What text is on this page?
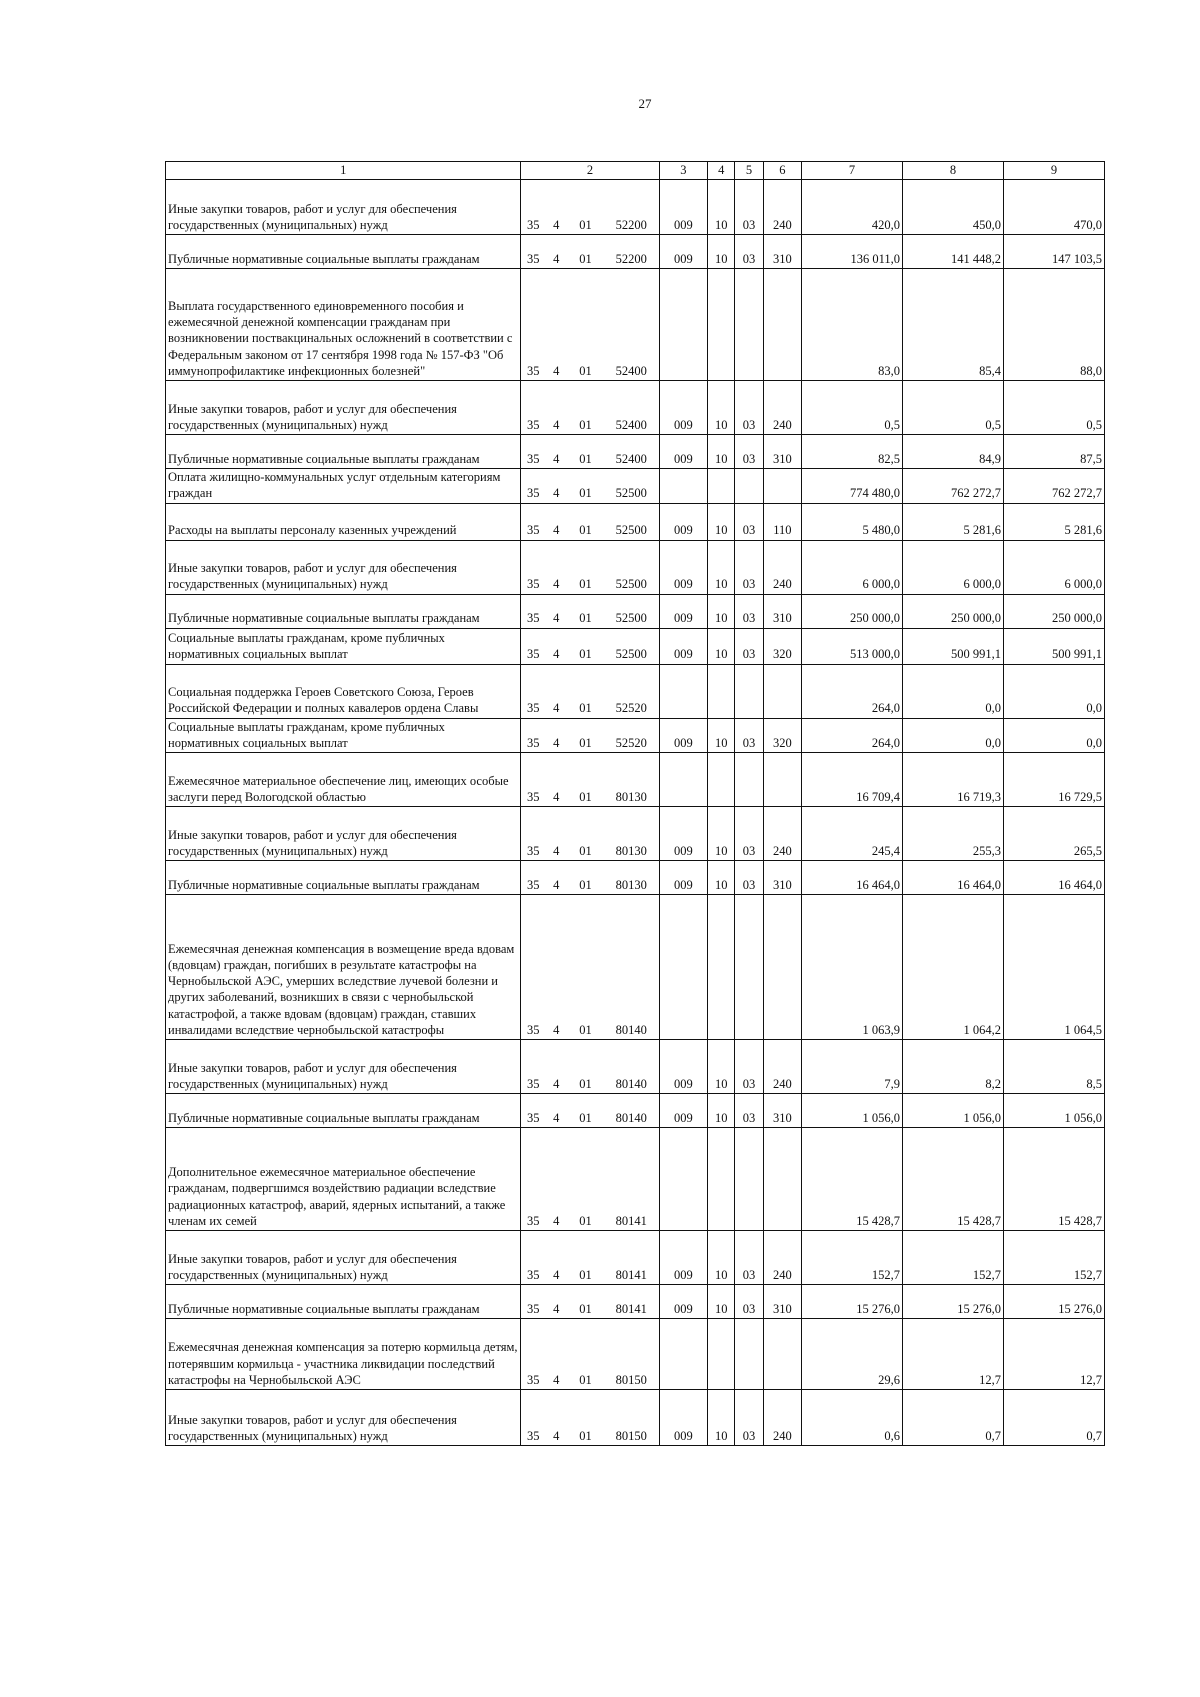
27
1	2				3	4	5	6	7	8	9
Иные закупки товаров, работ и услуг для обеспечения государственных (муниципальных) нужд	35	4	01	52200	009	10	03	240	420,0	450,0	470,0
Публичные нормативные социальные выплаты гражданам	35	4	01	52200	009	10	03	310	136 011,0	141 448,2	147 103,5
Выплата государственного единовременного пособия и ежемесячной денежной компенсации гражданам при возникновении поствакцинальных осложнений в соответствии с Федеральным законом от 17 сентября 1998 года № 157-ФЗ "Об иммунопрофилактике инфекционных болезней"	35	4	01	52400					83,0	85,4	88,0
Иные закупки товаров, работ и услуг для обеспечения государственных (муниципальных) нужд	35	4	01	52400	009	10	03	240	0,5	0,5	0,5
Публичные нормативные социальные выплаты гражданам	35	4	01	52400	009	10	03	310	82,5	84,9	87,5
Оплата жилищно-коммунальных услуг отдельным категориям граждан	35	4	01	52500					774 480,0	762 272,7	762 272,7
Расходы на выплаты персоналу казенных учреждений	35	4	01	52500	009	10	03	110	5 480,0	5 281,6	5 281,6
Иные закупки товаров, работ и услуг для обеспечения государственных (муниципальных) нужд	35	4	01	52500	009	10	03	240	6 000,0	6 000,0	6 000,0
Публичные нормативные социальные выплаты гражданам	35	4	01	52500	009	10	03	310	250 000,0	250 000,0	250 000,0
Социальные выплаты гражданам, кроме публичных нормативных социальных выплат	35	4	01	52500	009	10	03	320	513 000,0	500 991,1	500 991,1
Социальная поддержка Героев Советского Союза, Героев Российской Федерации и полных кавалеров ордена Славы	35	4	01	52520					264,0	0,0	0,0
Социальные выплаты гражданам, кроме публичных нормативных социальных выплат	35	4	01	52520	009	10	03	320	264,0	0,0	0,0
Ежемесячное материальное обеспечение лиц, имеющих особые заслуги перед Вологодской областью	35	4	01	80130					16 709,4	16 719,3	16 729,5
Иные закупки товаров, работ и услуг для обеспечения государственных (муниципальных) нужд	35	4	01	80130	009	10	03	240	245,4	255,3	265,5
Публичные нормативные социальные выплаты гражданам	35	4	01	80130	009	10	03	310	16 464,0	16 464,0	16 464,0
Ежемесячная денежная компенсация в возмещение вреда вдовам (вдовцам) граждан, погибших в результате катастрофы на Чернобыльской АЭС, умерших вследствие лучевой болезни и других заболеваний, возникших в связи с чернобыльской катастрофой, а также вдовам (вдовцам) граждан, ставших инвалидами вследствие чернобыльской катастрофы	35	4	01	80140					1 063,9	1 064,2	1 064,5
Иные закупки товаров, работ и услуг для обеспечения государственных (муниципальных) нужд	35	4	01	80140	009	10	03	240	7,9	8,2	8,5
Публичные нормативные социальные выплаты гражданам	35	4	01	80140	009	10	03	310	1 056,0	1 056,0	1 056,0
Дополнительное ежемесячное материальное обеспечение гражданам, подвергшимся воздействию радиации вследствие радиационных катастроф, аварий, ядерных испытаний, а также членам их семей	35	4	01	80141					15 428,7	15 428,7	15 428,7
Иные закупки товаров, работ и услуг для обеспечения государственных (муниципальных) нужд	35	4	01	80141	009	10	03	240	152,7	152,7	152,7
Публичные нормативные социальные выплаты гражданам	35	4	01	80141	009	10	03	310	15 276,0	15 276,0	15 276,0
Ежемесячная денежная компенсация за потерю кормильца детям, потерявшим кормильца - участника ликвидации последствий катастрофы на Чернобыльской АЭС	35	4	01	80150					29,6	12,7	12,7
Иные закупки товаров, работ и услуг для обеспечения государственных (муниципальных) нужд	35	4	01	80150	009	10	03	240	0,6	0,7	0,7
